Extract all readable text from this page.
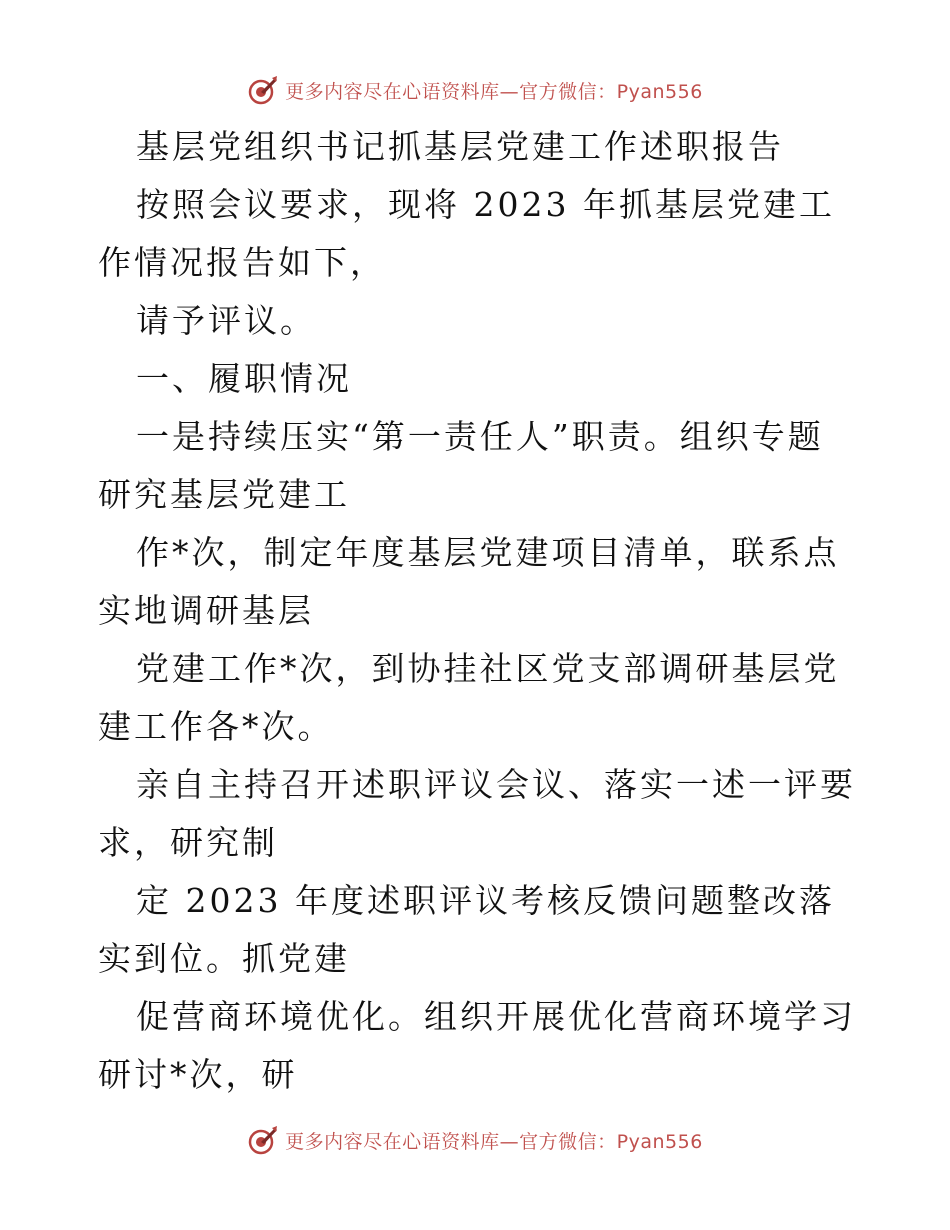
更多内容尽在心语资料库—官方微信：Pyan556

基层党组织书记抓基层党建工作述职报告

按照会议要求，现将 2023 年抓基层党建工作情况报告如下，

请予评议。

一、履职情况

一是持续压实“第一责任人”职责。组织专题研究基层党建工

作*次，制定年度基层党建项目清单，联系点实地调研基层

党建工作*次，到协挂社区党支部调研基层党建工作各*次。

亲自主持召开述职评议会议、落实一述一评要求，研究制

定 2023 年度述职评议考核反馈问题整改落实到位。抓党建

促营商环境优化。组织开展优化营商环境学习研讨*次，研

更多内容尽在心语资料库—官方微信：Pyan556
